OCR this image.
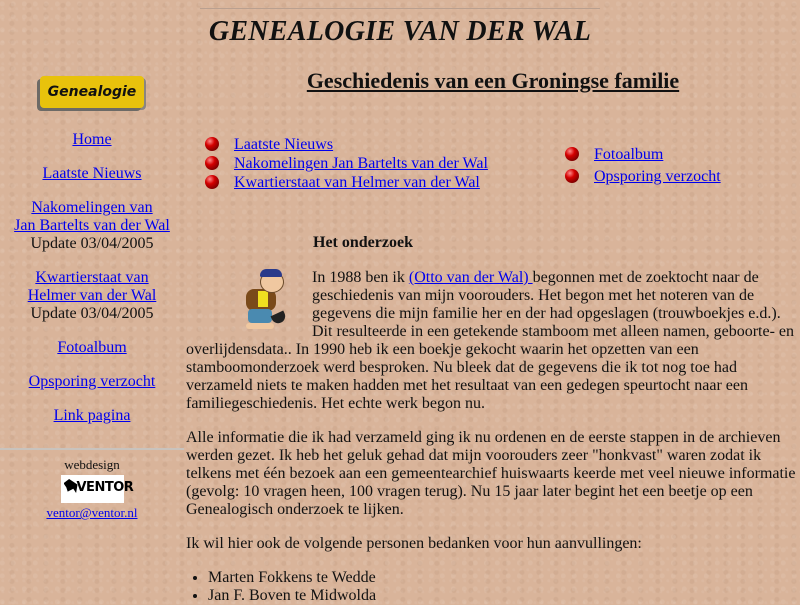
GENEALOGIE VAN DER WAL
Genealogie
Home
Laatste Nieuws
Nakomelingen van
Jan Bartelts van der Wal
Update 03/04/2005
Kwartierstaat van
Helmer van der Wal
Update 03/04/2005
Fotoalbum
Opsporing verzocht
Link pagina
webdesign
VENTOR
ventor@ventor.nl
Geschiedenis van een Groningse familie
Laatste Nieuws
Nakomelingen Jan Bartelts van der Wal
Kwartierstaat van Helmer van der Wal
Fotoalbum
Opsporing verzocht
Het onderzoek

In 1988 ben ik (Otto van der Wal) begonnen met de zoektocht naar de geschiedenis van mijn voorouders. Het begon met het noteren van de gegevens die mijn familie her en der had opgeslagen (trouwboekjes e.d.). Dit resulteerde in een getekende stamboom met alleen namen, geboorte- en overlijdensdata.. In 1990 heb ik een boekje gekocht waarin het opzetten van een stamboomonderzoek werd besproken. Nu bleek dat de gegevens die ik tot nog toe had verzameld niets te maken hadden met het resultaat van een gedegen speurtocht naar een familiegeschiedenis. Het echte werk begon nu.

Alle informatie die ik had verzameld ging ik nu ordenen en de eerste stappen in de archieven werden gezet. Ik heb het geluk gehad dat mijn voorouders zeer "honkvast" waren zodat ik telkens met één bezoek aan een gemeentearchief huiswaarts keerde met veel nieuwe informatie (gevolg: 10 vragen heen, 100 vragen terug). Nu 15 jaar later begint het een beetje op een Genealogisch onderzoek te lijken.

Ik wil hier ook de volgende personen bedanken voor hun aanvullingen:

• Marten Fokkens te Wedde
• Jan F. Boven te Midwolda
